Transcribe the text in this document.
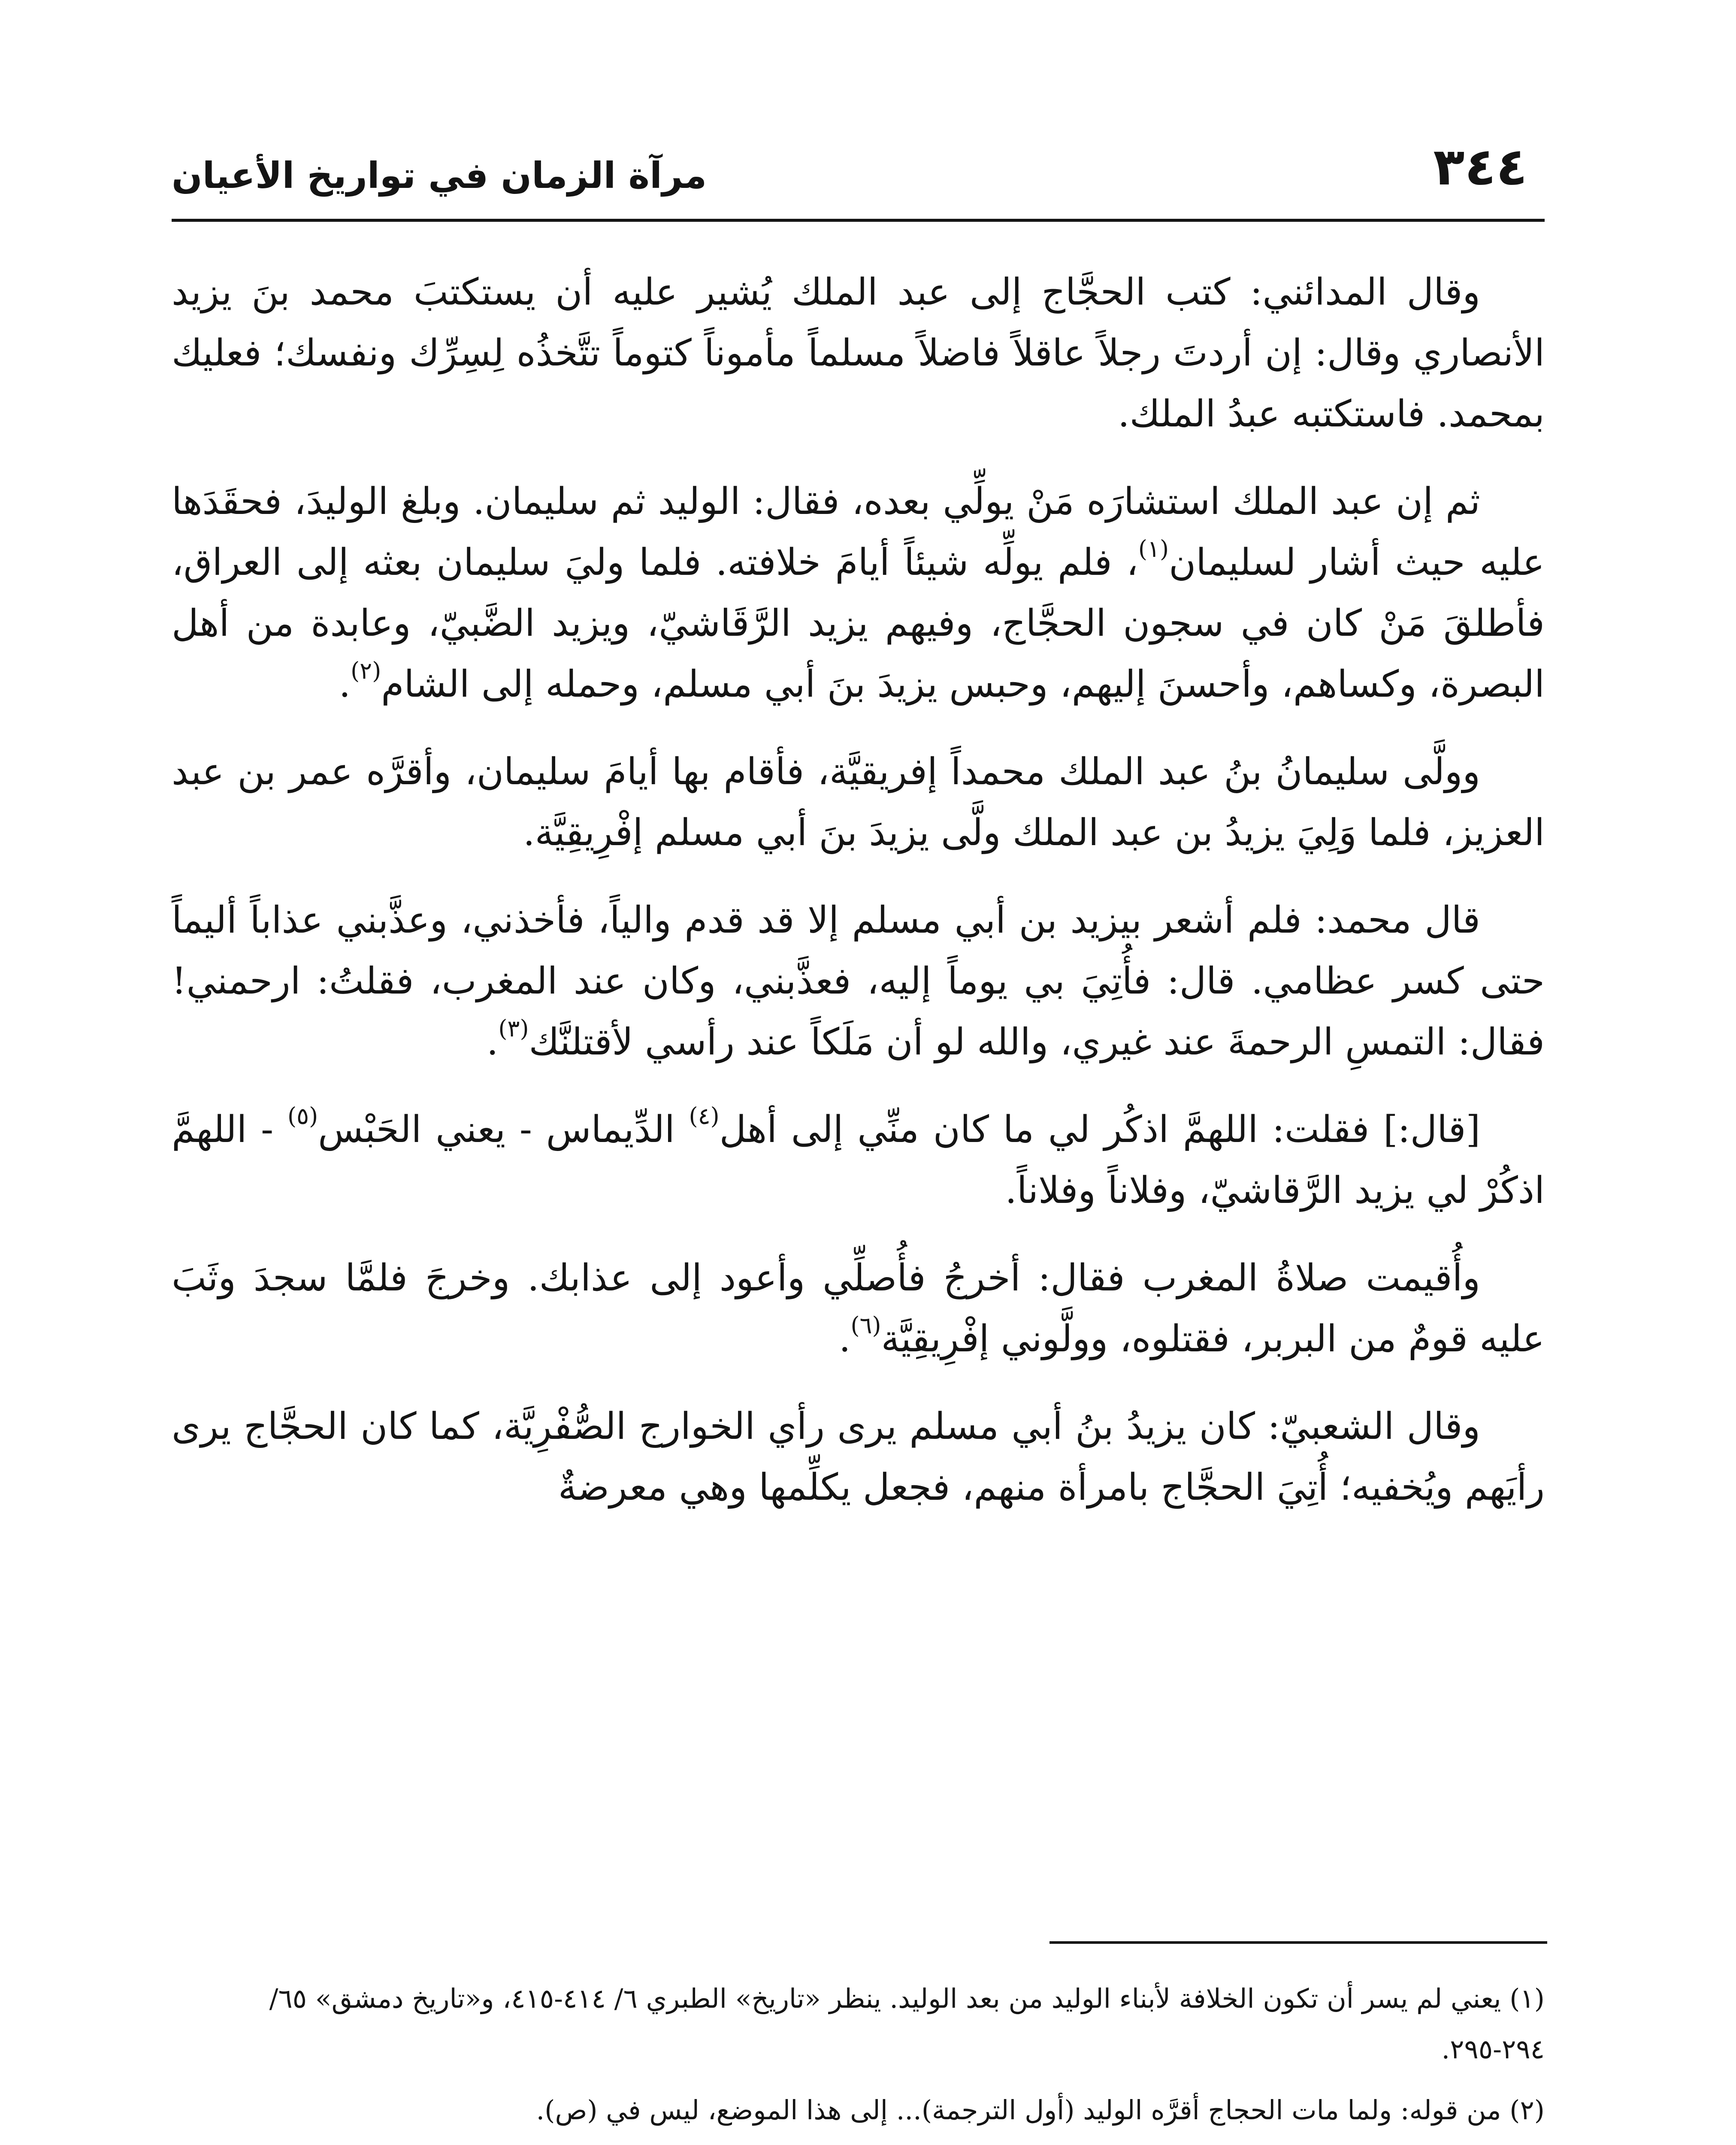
٣٤٤
مرآة الزمان في تواريخ الأعيان

وقال المدائني: كتب الحجَّاج إلى عبد الملك يُشير عليه أن يستكتبَ محمد بنَ يزيد الأنصاري وقال: إن أردتَ رجلاً عاقلاً فاضلاً مسلماً مأموناً كتوماً تتَّخذُه لِسِرِّك ونفسك؛ فعليك بمحمد. فاستكتبه عبدُ الملك.

ثم إن عبد الملك استشارَه مَنْ يولِّي بعده، فقال: الوليد ثم سليمان. وبلغ الوليدَ، فحقَدَها عليه حيث أشار لسليمان$^{(١)}$، فلم يولِّه شيئاً أيامَ خلافته. فلما وليَ سليمان بعثه إلى العراق، فأطلقَ مَنْ كان في سجون الحجَّاج، وفيهم يزيد الرَّقَاشيّ، ويزيد الضَّبيّ، وعابدة من أهل البصرة، وكساهم، وأحسنَ إليهم، وحبس يزيدَ بنَ أبي مسلم، وحمله إلى الشام$^{(٢)}$.

وولَّى سليمانُ بنُ عبد الملك محمداً إفريقيَّة، فأقام بها أيامَ سليمان، وأقرَّه عمر بن عبد العزيز، فلما وَلِيَ يزيدُ بن عبد الملك ولَّى يزيدَ بنَ أبي مسلم إفْرِيقِيَّة.

قال محمد: فلم أشعر بيزيد بن أبي مسلم إلا قد قدم والياً، فأخذني، وعذَّبني عذاباً أليماً حتى كسر عظامي. قال: فأُتِيَ بي يوماً إليه، فعذَّبني، وكان عند المغرب، فقلتُ: ارحمني! فقال: التمسِ الرحمةَ عند غيري، والله لو أن مَلَكاً عند رأسي لأقتلنَّك$^{(٣)}$.

[قال:] فقلت: اللهمَّ اذكُر لي ما كان منِّي إلى أهل$^{(٤)}$ الدِّيماس - يعني الحَبْس$^{(٥)}$ - اللهمَّ اذكُرْ لي يزيد الرَّقاشيّ، وفلاناً وفلاناً.

وأُقيمت صلاةُ المغرب فقال: أخرجُ فأُصلِّي وأعود إلى عذابك. وخرجَ فلمَّا سجدَ وثَبَ عليه قومٌ من البربر، فقتلوه، وولَّوني إفْرِيقِيَّة$^{(٦)}$.

وقال الشعبيّ: كان يزيدُ بنُ أبي مسلم يرى رأي الخوارج الصُّفْرِيَّة، كما كان الحجَّاج يرى رأيَهم ويُخفيه؛ أُتِيَ الحجَّاج بامرأة منهم، فجعل يكلِّمها وهي معرضةٌ

(١) يعني لم يسر أن تكون الخلافة لأبناء الوليد من بعد الوليد. ينظر «تاريخ» الطبري ٦/ ٤١٤-٤١٥، و«تاريخ دمشق» ٦٥/ ٢٩٤-٢٩٥.
(٢) من قوله: ولما مات الحجاج أقرَّه الوليد (أول الترجمة)... إلى هذا الموضع، ليس في (ص).
